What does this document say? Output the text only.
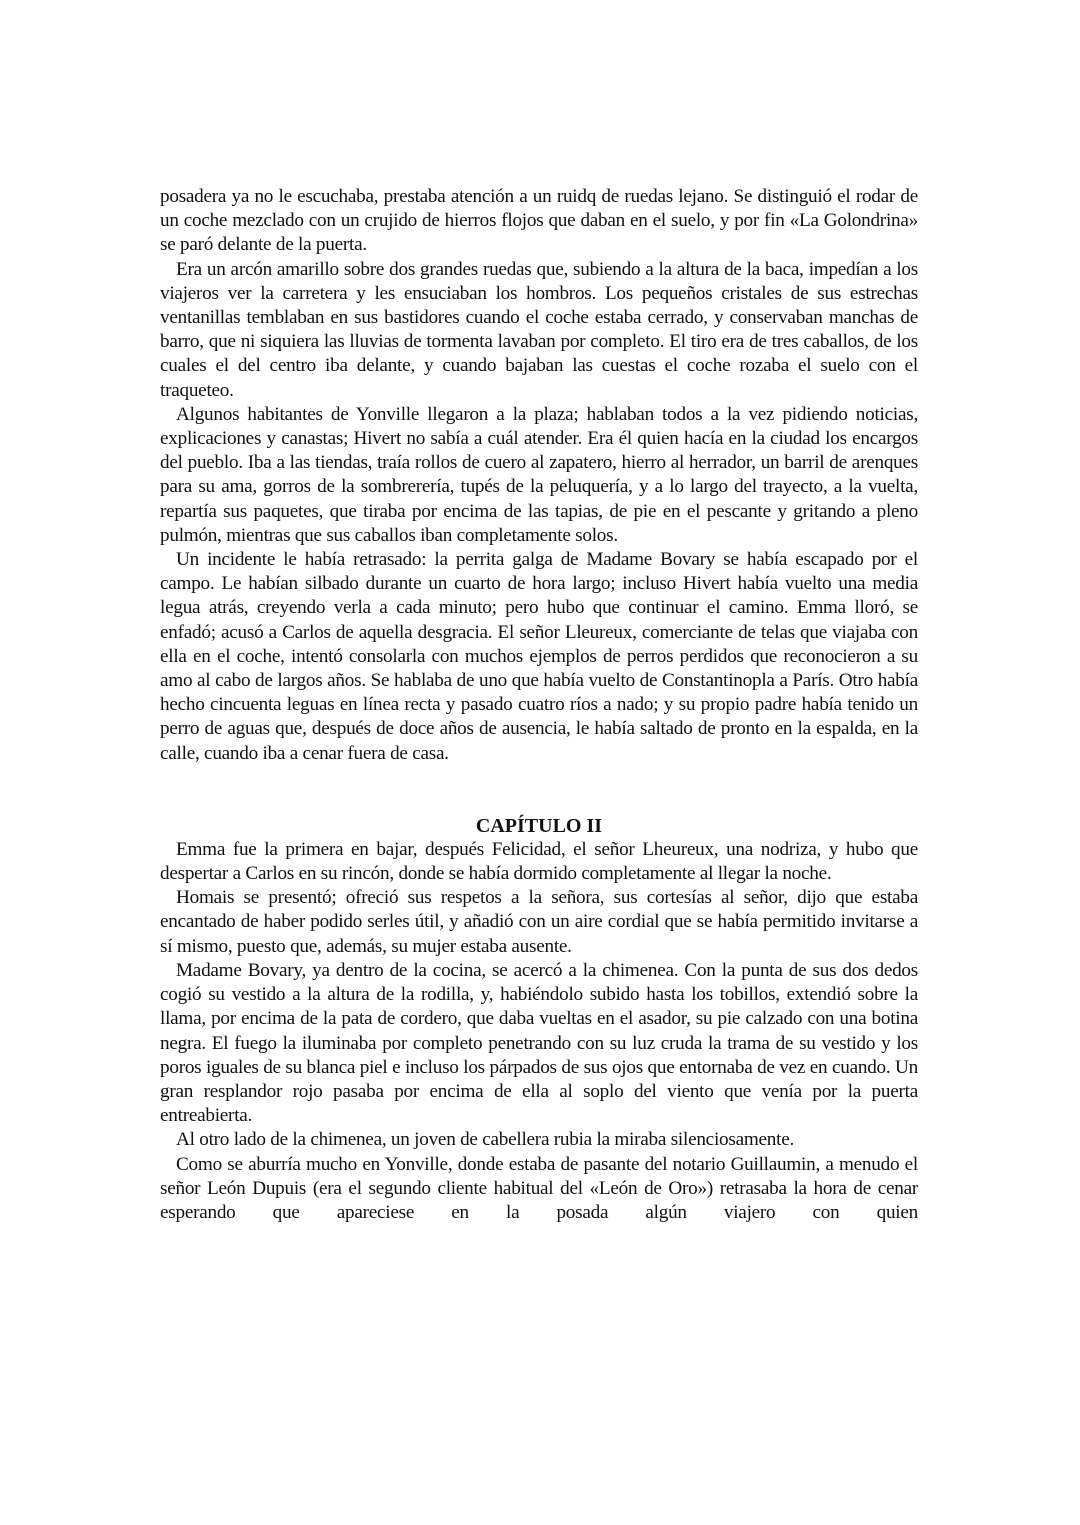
posadera ya no le escuchaba, prestaba atención a un ruidq de ruedas lejano. Se distinguió el rodar de un coche mezclado con un crujido de hierros flojos que daban en el suelo, y por fin «La Golondrina» se paró delante de la puerta.

Era un arcón amarillo sobre dos grandes ruedas que, subiendo a la altura de la baca, impedían a los viajeros ver la carretera y les ensuciaban los hombros. Los pequeños cristales de sus estrechas ventanillas temblaban en sus bastidores cuando el coche estaba cerrado, y conservaban manchas de barro, que ni siquiera las lluvias de tormenta lavaban por completo. El tiro era de tres caballos, de los cuales el del centro iba delante, y cuando bajaban las cuestas el coche rozaba el suelo con el traqueteo.

Algunos habitantes de Yonville llegaron a la plaza; hablaban todos a la vez pidiendo noticias, explicaciones y canastas; Hivert no sabía a cuál atender. Era él quien hacía en la ciudad los encargos del pueblo. Iba a las tiendas, traía rollos de cuero al zapatero, hierro al herrador, un barril de arenques para su ama, gorros de la sombrerería, tupés de la peluquería, y a lo largo del trayecto, a la vuelta, repartía sus paquetes, que tiraba por encima de las tapias, de pie en el pescante y gritando a pleno pulmón, mientras que sus caballos iban completamente solos.

Un incidente le había retrasado: la perrita galga de Madame Bovary se había escapado por el campo. Le habían silbado durante un cuarto de hora largo; incluso Hivert había vuelto una media legua atrás, creyendo verla a cada minuto; pero hubo que continuar el camino. Emma lloró, se enfadó; acusó a Carlos de aquella desgracia. El señor Lleureux, comerciante de telas que viajaba con ella en el coche, intentó consolarla con muchos ejemplos de perros perdidos que reconocieron a su amo al cabo de largos años. Se hablaba de uno que había vuelto de Constantinopla a París. Otro había hecho cincuenta leguas en línea recta y pasado cuatro ríos a nado; y su propio padre había tenido un perro de aguas que, después de doce años de ausencia, le había saltado de pronto en la espalda, en la calle, cuando iba a cenar fuera de casa.

CAPÍTULO II

Emma fue la primera en bajar, después Felicidad, el señor Lheureux, una nodriza, y hubo que despertar a Carlos en su rincón, donde se había dormido completamente al llegar la noche.

Homais se presentó; ofreció sus respetos a la señora, sus cortesías al señor, dijo que estaba encantado de haber podido serles útil, y añadió con un aire cordial que se había permitido invitarse a sí mismo, puesto que, además, su mujer estaba ausente.

Madame Bovary, ya dentro de la cocina, se acercó a la chimenea. Con la punta de sus dos dedos cogió su vestido a la altura de la rodilla, y, habiéndolo subido hasta los tobillos, extendió sobre la llama, por encima de la pata de cordero, que daba vueltas en el asador, su pie calzado con una botina negra. El fuego la iluminaba por completo penetrando con su luz cruda la trama de su vestido y los poros iguales de su blanca piel e incluso los párpados de sus ojos que entornaba de vez en cuando. Un gran resplandor rojo pasaba por encima de ella al soplo del viento que venía por la puerta entreabierta.

Al otro lado de la chimenea, un joven de cabellera rubia la miraba silenciosamente.

Como se aburría mucho en Yonville, donde estaba de pasante del notario Guillaumin, a menudo el señor León Dupuis (era el segundo cliente habitual del «León de Oro») retrasaba la hora de cenar esperando que apareciese en la posada algún viajero con quien
